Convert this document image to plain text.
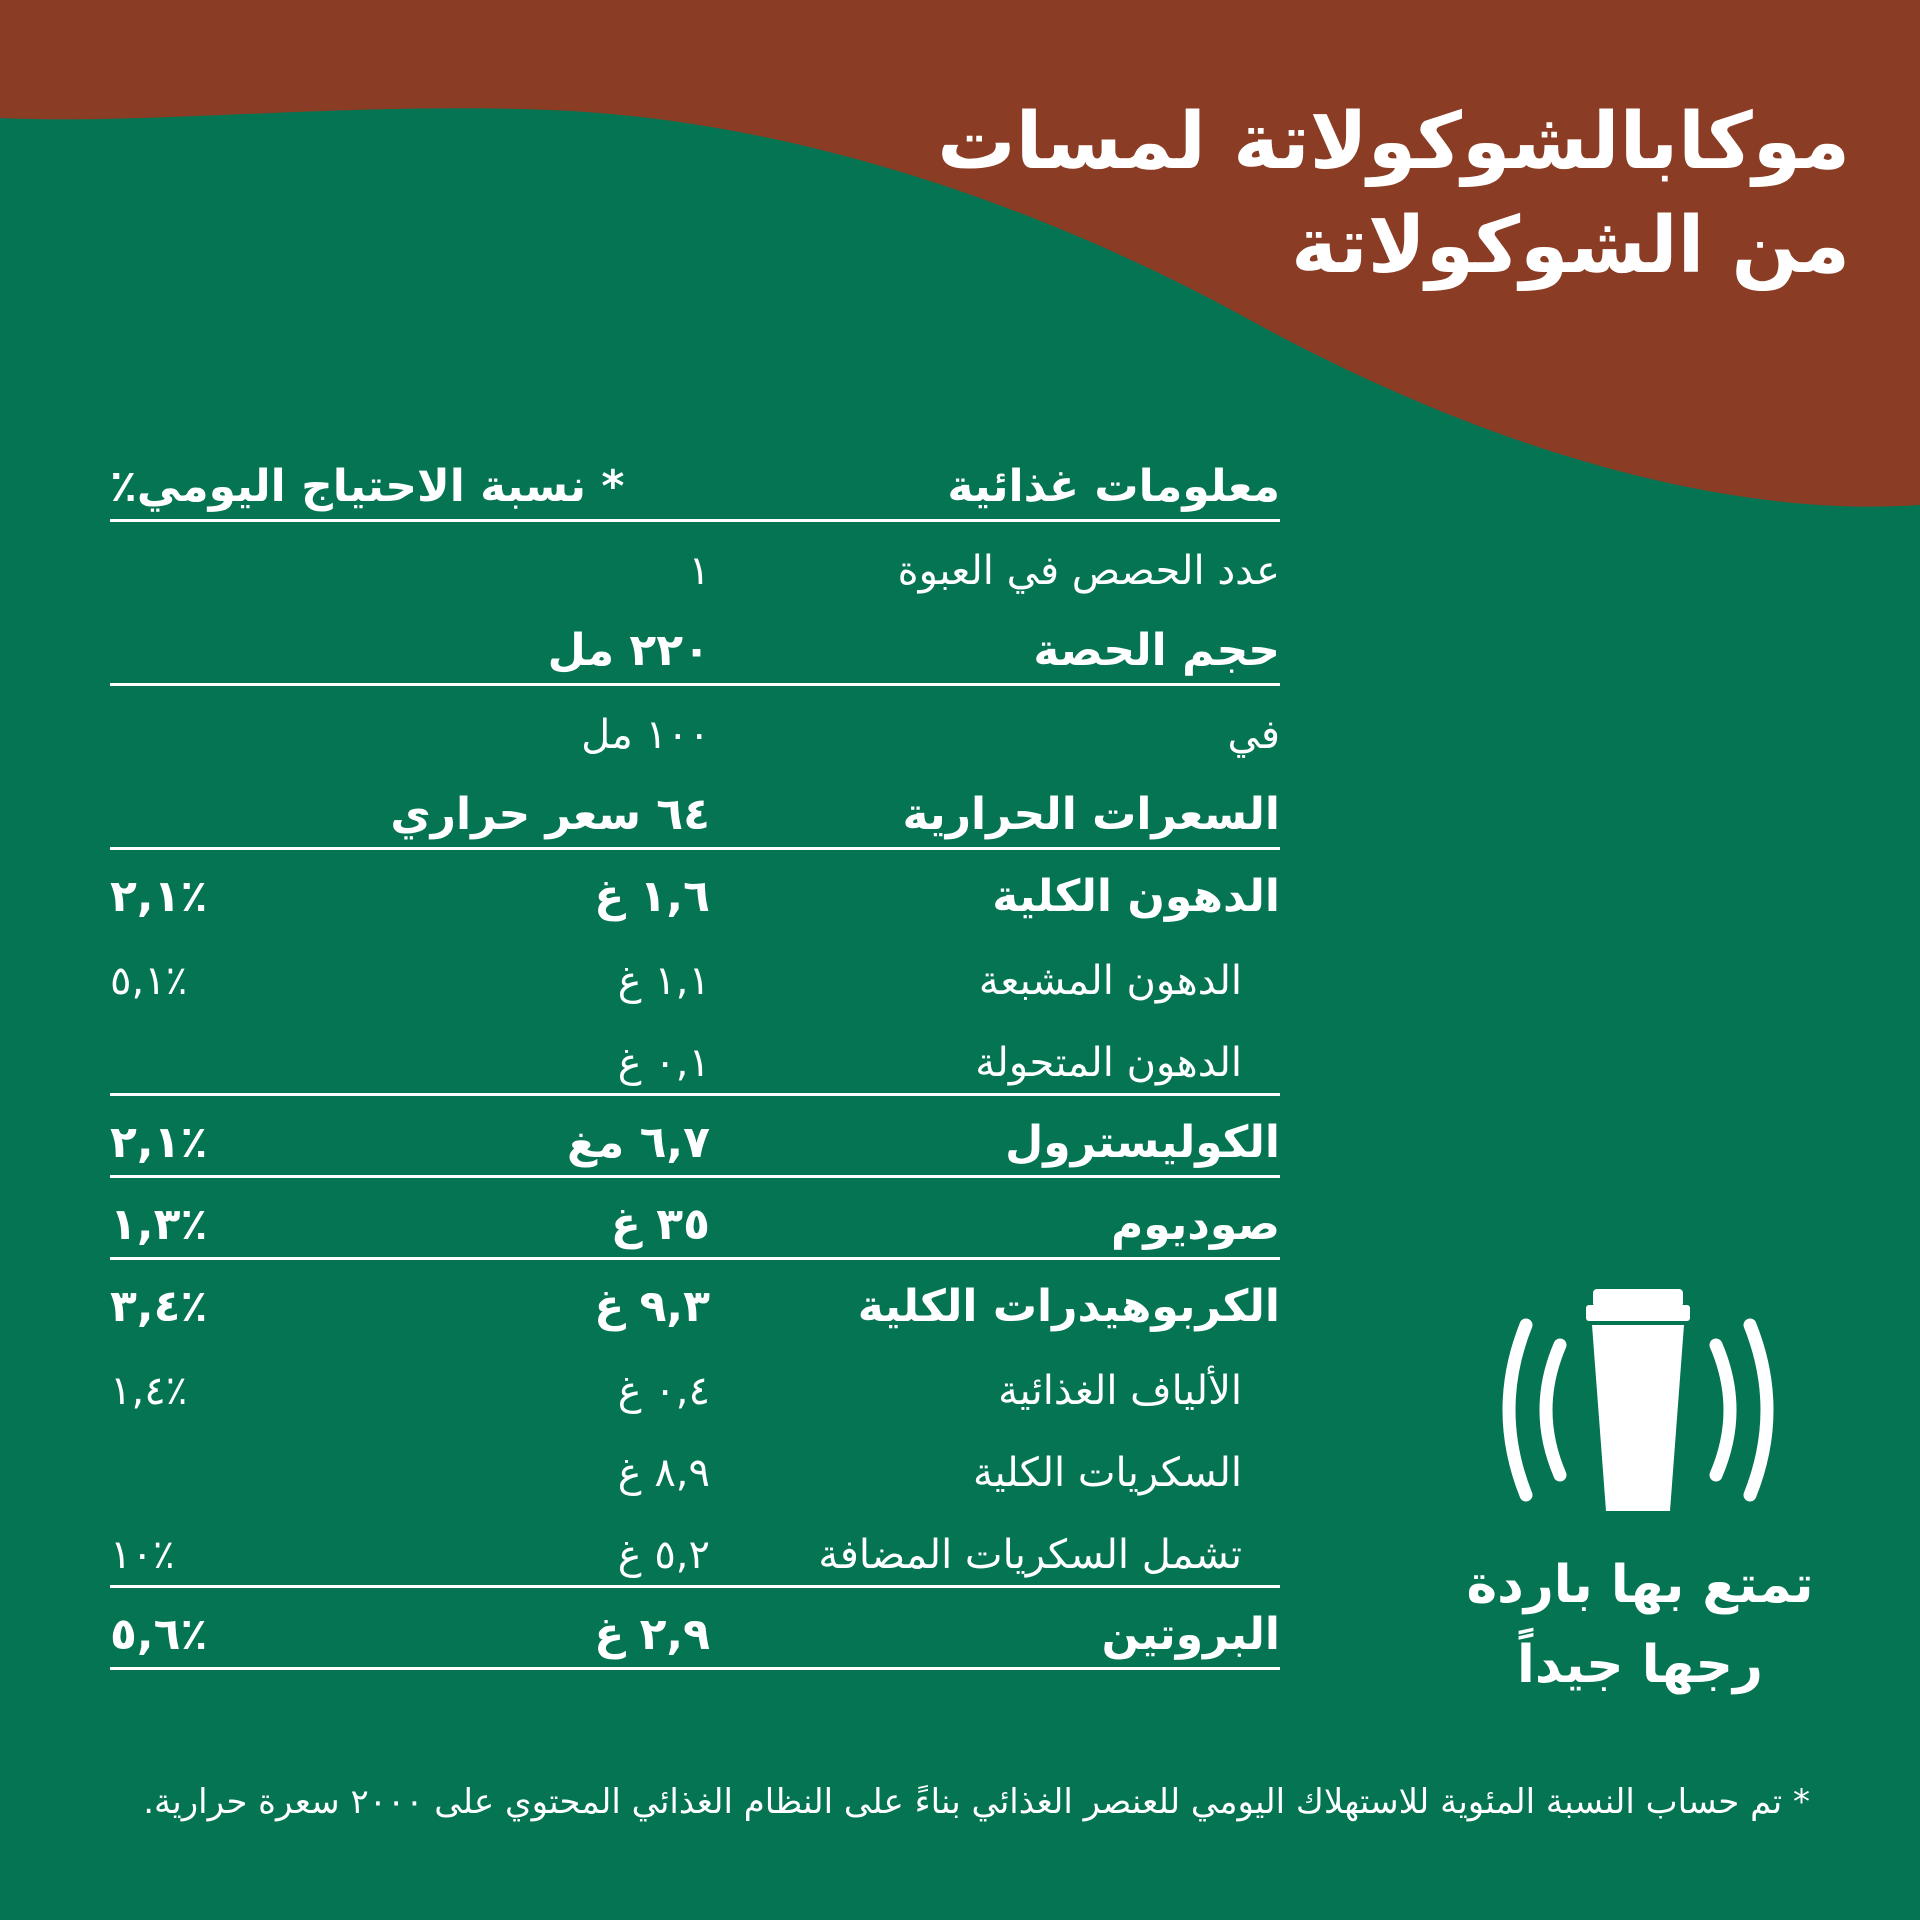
موكابالشوكولاتة لمسات
من الشوكولاتة
معلومات غذائية
* نسبة الاحتياج اليومي٪
عدد الحصص في العبوة
١
حجم الحصة
٢٢٠ مل
في
١٠٠ مل
السعرات الحرارية
٦٤ سعر حراري
الدهون الكلية
١,٦ غ
٪٢,١
الدهون المشبعة
١,١ غ
٪٥,١
الدهون المتحولة
٠,١ غ
الكوليسترول
٦,٧ مغ
٪٢,١
صوديوم
٣٥ غ
٪١,٣
الكربوهيدرات الكلية
٩,٣ غ
٪٣,٤
الألياف الغذائية
٠,٤ غ
٪١,٤
السكريات الكلية
٨,٩ غ
تشمل السكريات المضافة
٥,٢ غ
٪١٠
البروتين
٢,٩ غ
٪٥,٦
تمتع بها باردة
رجها جيداً
* تم حساب النسبة المئوية للاستهلاك اليومي للعنصر الغذائي بناءً على النظام الغذائي المحتوي على ٢٠٠٠ سعرة حرارية.
